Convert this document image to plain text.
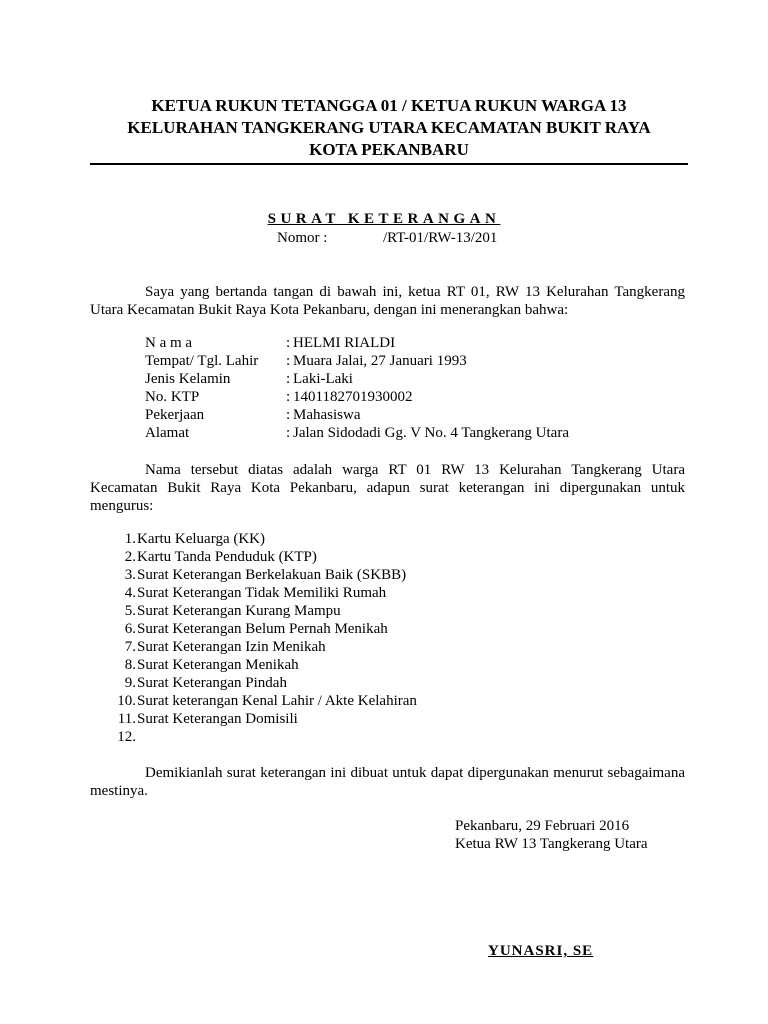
KETUA RUKUN TETANGGA 01 / KETUA RUKUN WARGA 13
KELURAHAN TANGKERANG UTARA KECAMATAN BUKIT RAYA
KOTA PEKANBARU
SURAT KETERANGAN
Nomor :	/RT-01/RW-13/201
Saya yang bertanda tangan di bawah ini, ketua RT 01, RW 13 Kelurahan Tangkerang Utara Kecamatan Bukit Raya Kota Pekanbaru, dengan ini menerangkan bahwa:
N a m a	: HELMI RIALDI
Tempat/ Tgl. Lahir : Muara Jalai, 27 Januari 1993
Jenis Kelamin	: Laki-Laki
No. KTP	: 1401182701930002
Pekerjaan	: Mahasiswa
Alamat	: Jalan Sidodadi Gg. V No. 4 Tangkerang Utara
Nama tersebut diatas adalah warga RT 01 RW 13 Kelurahan Tangkerang Utara Kecamatan Bukit Raya Kota Pekanbaru, adapun surat keterangan ini dipergunakan untuk mengurus:
1. Kartu Keluarga (KK)
2. Kartu Tanda Penduduk (KTP)
3. Surat Keterangan Berkelakuan Baik (SKBB)
4. Surat Keterangan Tidak Memiliki Rumah
5. Surat Keterangan Kurang Mampu
6. Surat Keterangan Belum Pernah Menikah
7. Surat Keterangan Izin Menikah
8. Surat Keterangan Menikah
9. Surat Keterangan Pindah
10. Surat keterangan Kenal Lahir / Akte Kelahiran
11. Surat Keterangan Domisili
12.
Demikianlah surat keterangan ini dibuat untuk dapat dipergunakan menurut sebagaimana mestinya.
Pekanbaru, 29 Februari 2016
Ketua RW 13 Tangkerang Utara
YUNASRI, SE
